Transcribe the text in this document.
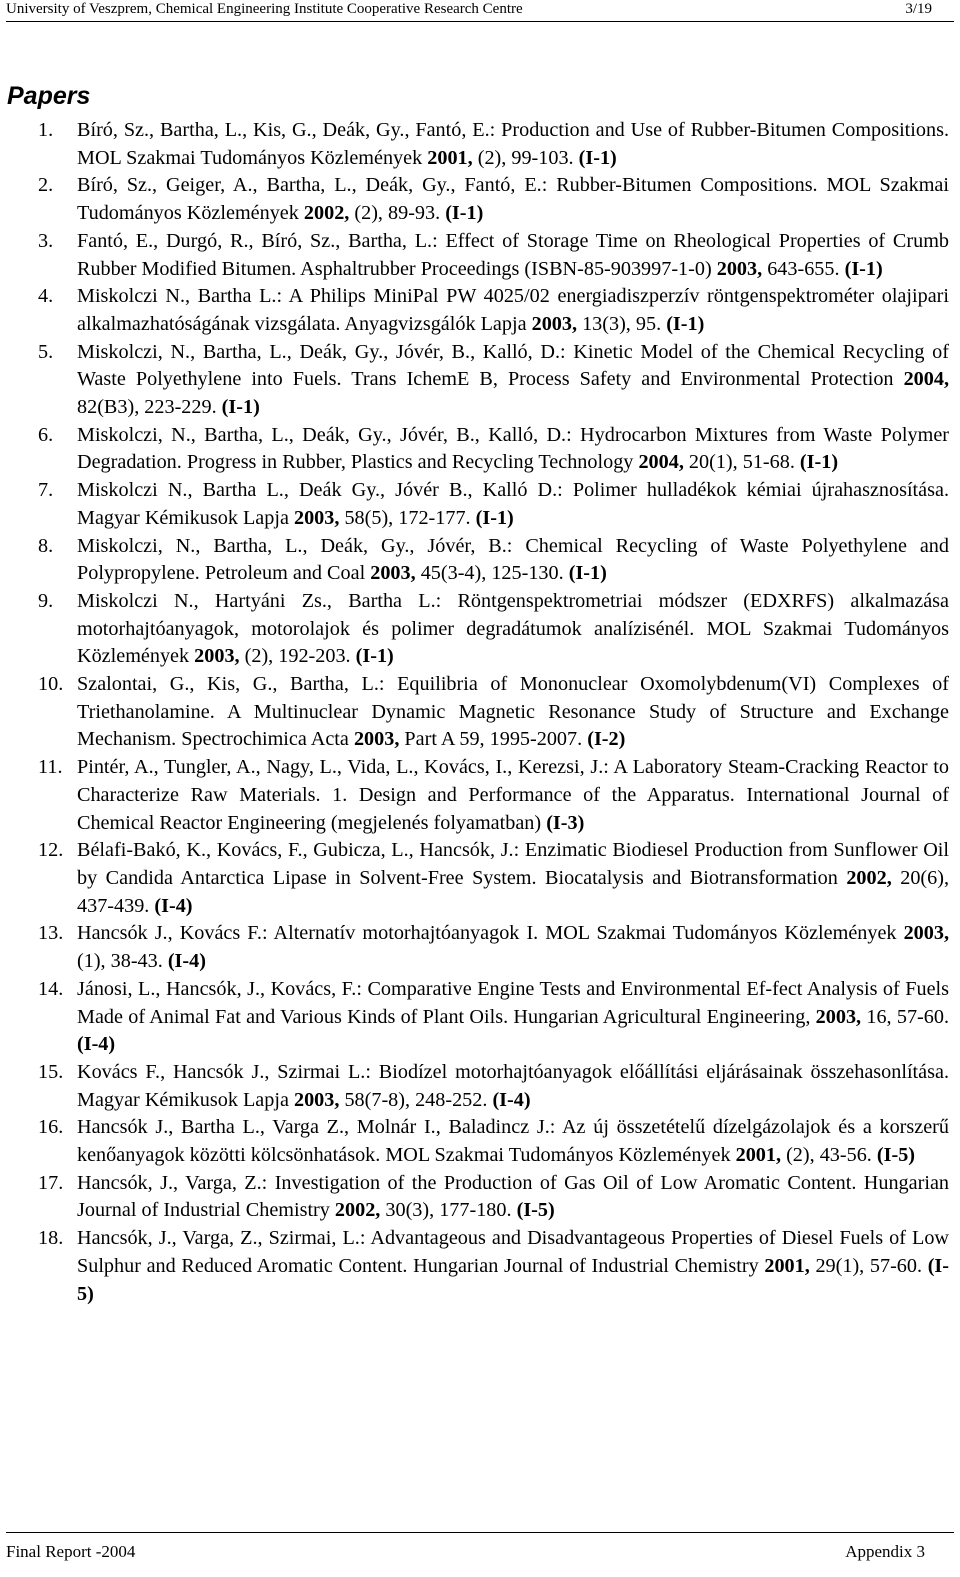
University of Veszprem, Chemical Engineering Institute Cooperative Research Centre	3/19
Papers
1. Bíró, Sz., Bartha, L., Kis, G., Deák, Gy., Fantó, E.: Production and Use of Rubber-Bitumen Compositions. MOL Szakmai Tudományos Közlemények 2001, (2), 99-103. (I-1)
2. Bíró, Sz., Geiger, A., Bartha, L., Deák, Gy., Fantó, E.: Rubber-Bitumen Compositions. MOL Szakmai Tudományos Közlemények 2002, (2), 89-93. (I-1)
3. Fantó, E., Durgó, R., Bíró, Sz., Bartha, L.: Effect of Storage Time on Rheological Properties of Crumb Rubber Modified Bitumen. Asphaltrubber Proceedings (ISBN-85-903997-1-0) 2003, 643-655. (I-1)
4. Miskolczi N., Bartha L.: A Philips MiniPal PW 4025/02 energiadiszperzív röntgenspektrométer olajipari alkalmazhatóságának vizsgálata. Anyagvizsgálók Lapja 2003, 13(3), 95. (I-1)
5. Miskolczi, N., Bartha, L., Deák, Gy., Jóvér, B., Kalló, D.: Kinetic Model of the Chemical Recycling of Waste Polyethylene into Fuels. Trans IchemE B, Process Safety and Environmental Protection 2004, 82(B3), 223-229. (I-1)
6. Miskolczi, N., Bartha, L., Deák, Gy., Jóvér, B., Kalló, D.: Hydrocarbon Mixtures from Waste Polymer Degradation. Progress in Rubber, Plastics and Recycling Technology 2004, 20(1), 51-68. (I-1)
7. Miskolczi N., Bartha L., Deák Gy., Jóvér B., Kalló D.: Polimer hulladékok kémiai újrahasznosítása. Magyar Kémikusok Lapja 2003, 58(5), 172-177. (I-1)
8. Miskolczi, N., Bartha, L., Deák, Gy., Jóvér, B.: Chemical Recycling of Waste Polyethylene and Polypropylene. Petroleum and Coal 2003, 45(3-4), 125-130. (I-1)
9. Miskolczi N., Hartyáni Zs., Bartha L.: Röntgenspektrometriai módszer (EDXRFS) alkalmazása motorhajtóanyagok, motorolajok és polimer degradátumok analízisénél. MOL Szakmai Tudományos Közlemények 2003, (2), 192-203. (I-1)
10. Szalontai, G., Kis, G., Bartha, L.: Equilibria of Mononuclear Oxomolybdenum(VI) Complexes of Triethanolamine. A Multinuclear Dynamic Magnetic Resonance Study of Structure and Exchange Mechanism. Spectrochimica Acta 2003, Part A 59, 1995-2007. (I-2)
11. Pintér, A., Tungler, A., Nagy, L., Vida, L., Kovács, I., Kerezsi, J.: A Laboratory Steam-Cracking Reactor to Characterize Raw Materials. 1. Design and Performance of the Apparatus. International Journal of Chemical Reactor Engineering (megjelenés folyamatban) (I-3)
12. Bélafi-Bakó, K., Kovács, F., Gubicza, L., Hancsók, J.: Enzimatic Biodiesel Production from Sunflower Oil by Candida Antarctica Lipase in Solvent-Free System. Biocatalysis and Biotransformation 2002, 20(6), 437-439. (I-4)
13. Hancsók J., Kovács F.: Alternatív motorhajtóanyagok I. MOL Szakmai Tudományos Közlemények 2003, (1), 38-43. (I-4)
14. Jánosi, L., Hancsók, J., Kovács, F.: Comparative Engine Tests and Environmental Ef-fect Analysis of Fuels Made of Animal Fat and Various Kinds of Plant Oils. Hungarian Agricultural Engineering, 2003, 16, 57-60. (I-4)
15. Kovács F., Hancsók J., Szirmai L.: Biodízel motorhajtóanyagok előállítási eljárásainak összehasonlítása. Magyar Kémikusok Lapja 2003, 58(7-8), 248-252. (I-4)
16. Hancsók J., Bartha L., Varga Z., Molnár I., Baladincz J.: Az új összetételű dízelgázolajok és a korszerű kenőanyagok közötti kölcsönhatások. MOL Szakmai Tudományos Közlemények 2001, (2), 43-56. (I-5)
17. Hancsók, J., Varga, Z.: Investigation of the Production of Gas Oil of Low Aromatic Content. Hungarian Journal of Industrial Chemistry 2002, 30(3), 177-180. (I-5)
18. Hancsók, J., Varga, Z., Szirmai, L.: Advantageous and Disadvantageous Properties of Diesel Fuels of Low Sulphur and Reduced Aromatic Content. Hungarian Journal of Industrial Chemistry 2001, 29(1), 57-60. (I-5)
Final Report -2004	Appendix 3
